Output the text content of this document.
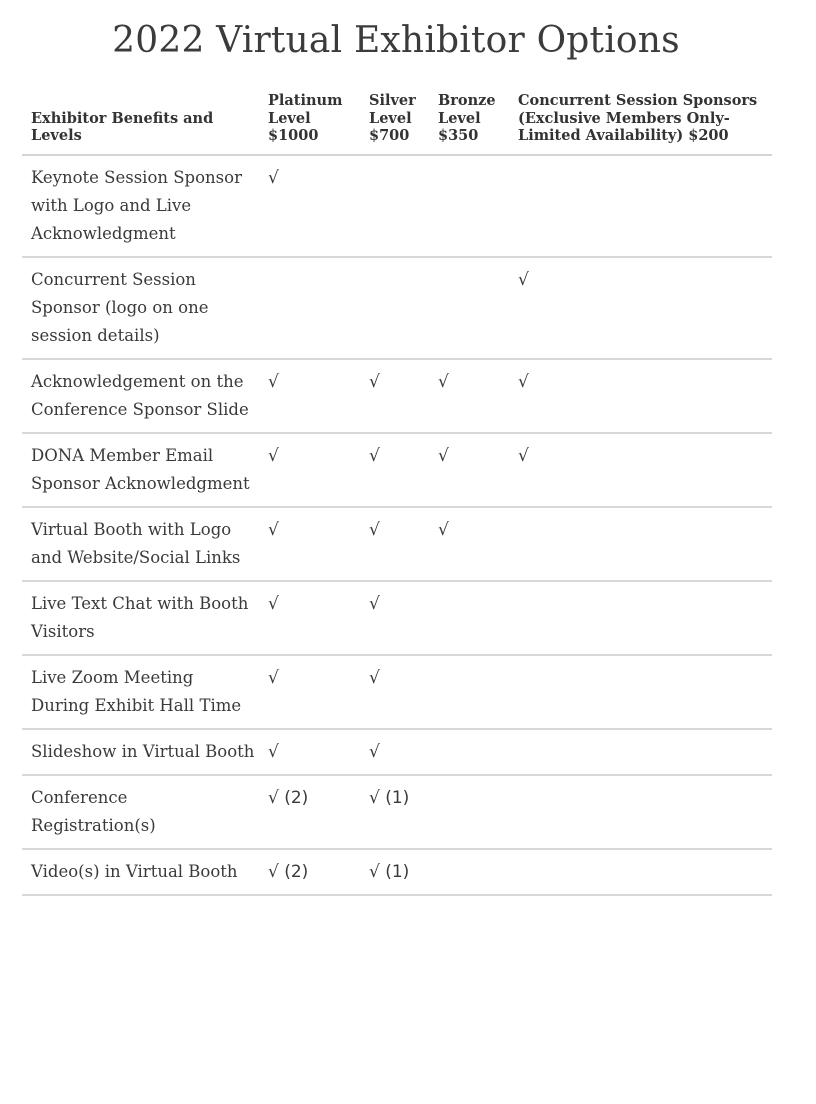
2022 Virtual Exhibitor Options
Exhibitor Benefits and Levels	Platinum Level $1000	Silver Level $700	Bronze Level $350	Concurrent Session Sponsors (Exclusive Members Only-Limited Availability) $200
Keynote Session Sponsor with Logo and Live Acknowledgment	√			
Concurrent Session Sponsor (logo on one session details)				√
Acknowledgement on the Conference Sponsor Slide	√	√	√	√
DONA Member Email Sponsor Acknowledgment	√	√	√	√
Virtual Booth with Logo and Website/Social Links	√	√	√	
Live Text Chat with Booth Visitors	√	√		
Live Zoom Meeting During Exhibit Hall Time	√	√		
Slideshow in Virtual Booth	√	√		
Conference Registration(s)	√ (2)	√ (1)		
Video(s) in Virtual Booth	√ (2)	√ (1)		
